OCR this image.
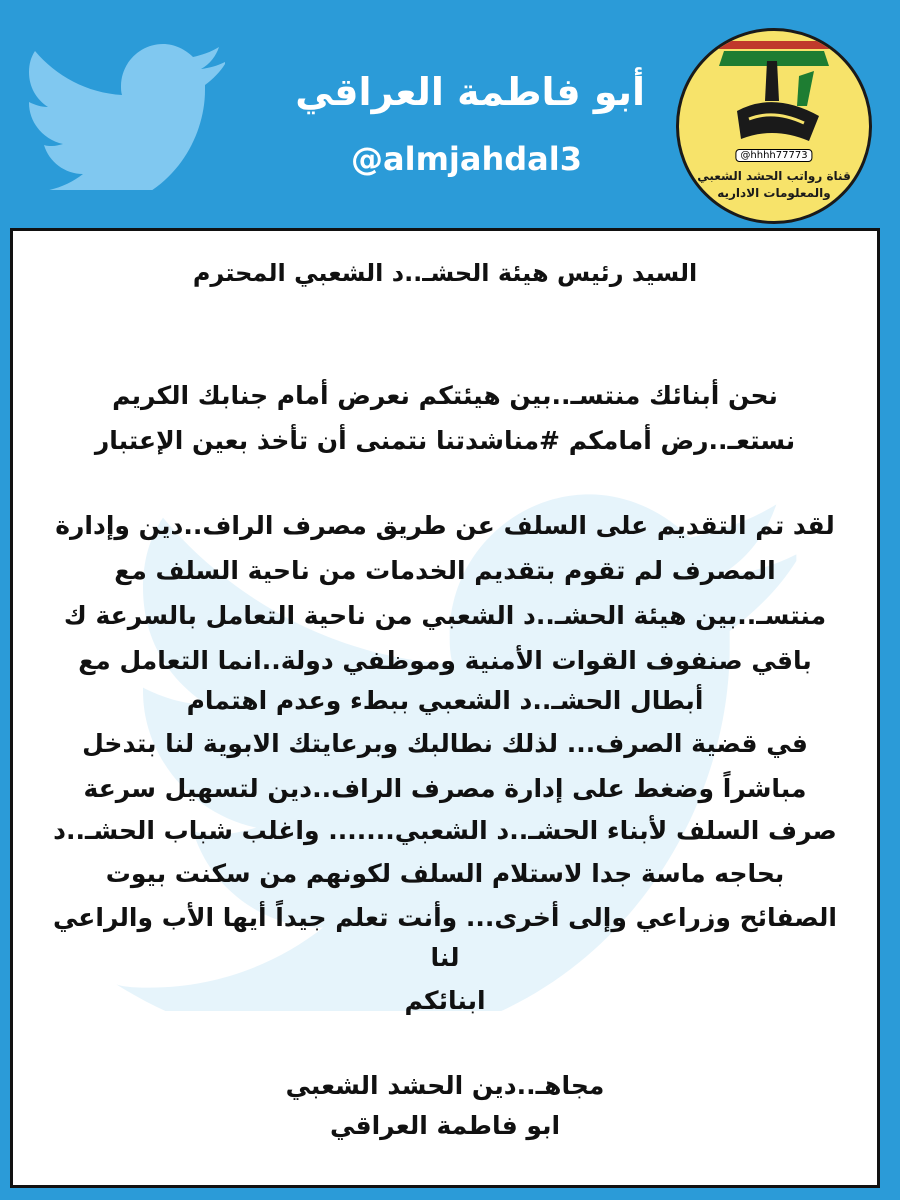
أبو فاطمة العراقي
@almjahdal3	@hhhh77773
قناة رواتب الحشد الشعبي
والمعلومات الاداريه
السيد رئيس هيئة الحشـ..د الشعبي المحترم
نحن أبنائك منتسـ..بين هيئتكم نعرض أمام جنابك الكريم
نستعـ..رض أمامكم #مناشدتنا نتمنى أن تأخذ بعين الإعتبار
لقد تم التقديم على السلف عن طريق مصرف الراف..دين وإدارة
المصرف لم تقوم بتقديم الخدمات من ناحية السلف مع
منتسـ..بين هيئة الحشـ..د الشعبي من ناحية التعامل بالسرعة ك
باقي صنفوف القوات الأمنية وموظفي دولة..انما التعامل مع
أبطال الحشـ..د الشعبي ببطء وعدم اهتمام
في قضية الصرف... لذلك نطالبك وبرعايتك الابوية لنا بتدخل
مباشراً وضغط على إدارة مصرف الراف..دين لتسهيل سرعة
صرف السلف لأبناء الحشـ..د الشعبي....... واغلب شباب الحشـ..د
بحاجه ماسة جدا لاستلام السلف لكونهم من سكنت بيوت
الصفائح وزراعي وإلى أخرى... وأنت تعلم جيداً أيها الأب والراعي
لنا
ابنائكم
مجاهـ..دين الحشد الشعبي
ابو فاطمة العراقي
